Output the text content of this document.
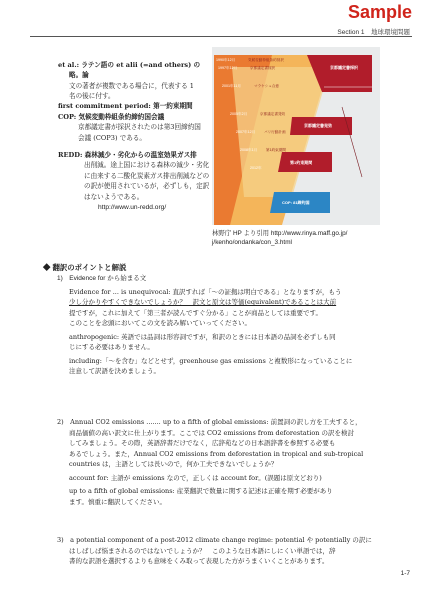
Sample
Section 1　地球環境問題
et al.: ラテン語の et alii (=and others) の略。論
文の著者が複数である場合に，代表する 1
名の後に付す。
first commitment period: 第一約束期間
COP: 気候変動枠組条約締約国会議
京都議定書が採択されたのは第3回締約国
会議 (COP3) である。
REDD: 森林減少・劣化からの温室効果ガス排
出削減。途上国における森林の減少・劣化
に由来する二酸化炭素ガス排出削減などの
の訳が使用されているが，必ずしも，定訳
はないようである。
http://www.un-redd.org/
1990年12月
1997年12月
2001年11月
2005年2月
2007年12月
2008年1月
2012年
気候変動枠組条約採択
京都議定書採択
マラケシュ合意
京都議定書発効
バリ行動計画
第1約束期間
京都議定書採択
京都議定書発効
第1約束期間
COP: 81締約国
林野庁 HP より引用 http://www.rinya.maff.go.jp/
j/kenho/ondanka/con_3.html
◆ 翻訳のポイントと解説
1)　Evidence for から始まる文
Evidence for ... is unequivocal: 直訳すれば「～の証拠は明白である」となりますが，もう
少し分かりやすくできないでしょうか？　訳文と原文は等価(equivalent)であることは大前
提ですが，これに加えて「第三者が読んですぐ分かる」ことが商品としては重要です。
このことを念頭においてこの文を読み解いていってください。
anthropogenic: 英語では品詞は形容詞ですが，和訳のときには日本語の品詞を必ずしも同
じにする必要はありません。
including:「～を含む」などとせず，greenhouse gas emissions と複数形になっていることに
注意して訳語を決めましょう。
2)　Annual CO2 emissions ....... up to a fifth of global emissions: 前置詞の訳し方を工夫すると，
商品価値の高い訳文に仕上がります。ここでは CO2 emissions from deforestation の訳を検討
してみましょう。その際，英語辞書だけでなく，広辞苑などの日本語辞書を参照する必要も
あるでしょう。また，Annual CO2 emissions from deforestation in tropical and sub-tropical
countries は，主語としては長いので，何か工夫できないでしょうか？
account for: 主語が emissions なので，正しくは account for。(誤題は原文どおり)
up to a fifth of global emissions: 産業翻訳で数量に関する記述は正確を期す必要があり
ます。慎重に翻訳してください。
3)　a potential component of a post-2012 climate change regime: potential や potentially の訳に
はしばしば悩まされるのではないでしょうか？　このような日本語にしにくい単語では，辞
書的な訳語を選択するよりも意味をくみ取って表現した方がうまくいくことがあります。
1-7
